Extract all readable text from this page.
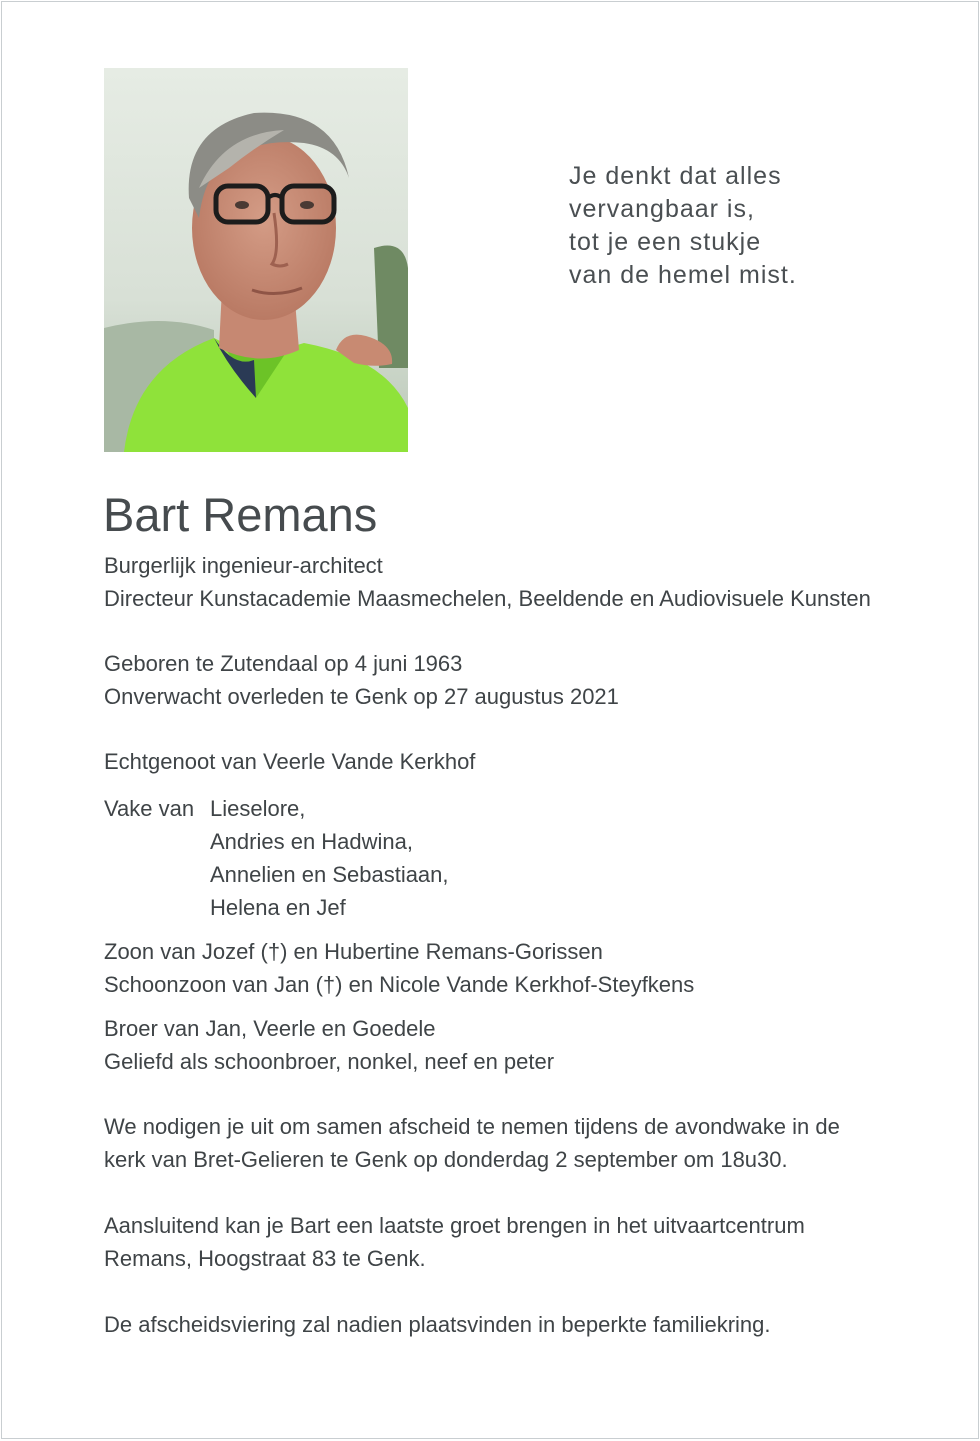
Je denkt dat alles
vervangbaar is,
tot je een stukje
van de hemel mist.
Bart Remans
Burgerlijk ingenieur-architect
Directeur Kunstacademie Maasmechelen, Beeldende en Audiovisuele Kunsten
Geboren te Zutendaal op 4 juni 1963
Onverwacht overleden te Genk op 27 augustus 2021
Echtgenoot van Veerle Vande Kerkhof
Vake van Lieselore,
Andries en Hadwina,
Annelien en Sebastiaan,
Helena en Jef
Zoon van Jozef (†) en Hubertine Remans-Gorissen
Schoonzoon van Jan (†) en Nicole Vande Kerkhof-Steyfkens
Broer van Jan, Veerle en Goedele
Geliefd als schoonbroer, nonkel, neef en peter
We nodigen je uit om samen afscheid te nemen tijdens de avondwake in de
kerk van Bret-Gelieren te Genk op donderdag 2 september om 18u30.
Aansluitend kan je Bart een laatste groet brengen in het uitvaartcentrum
Remans, Hoogstraat 83 te Genk.
De afscheidsviering zal nadien plaatsvinden in beperkte familiekring.
